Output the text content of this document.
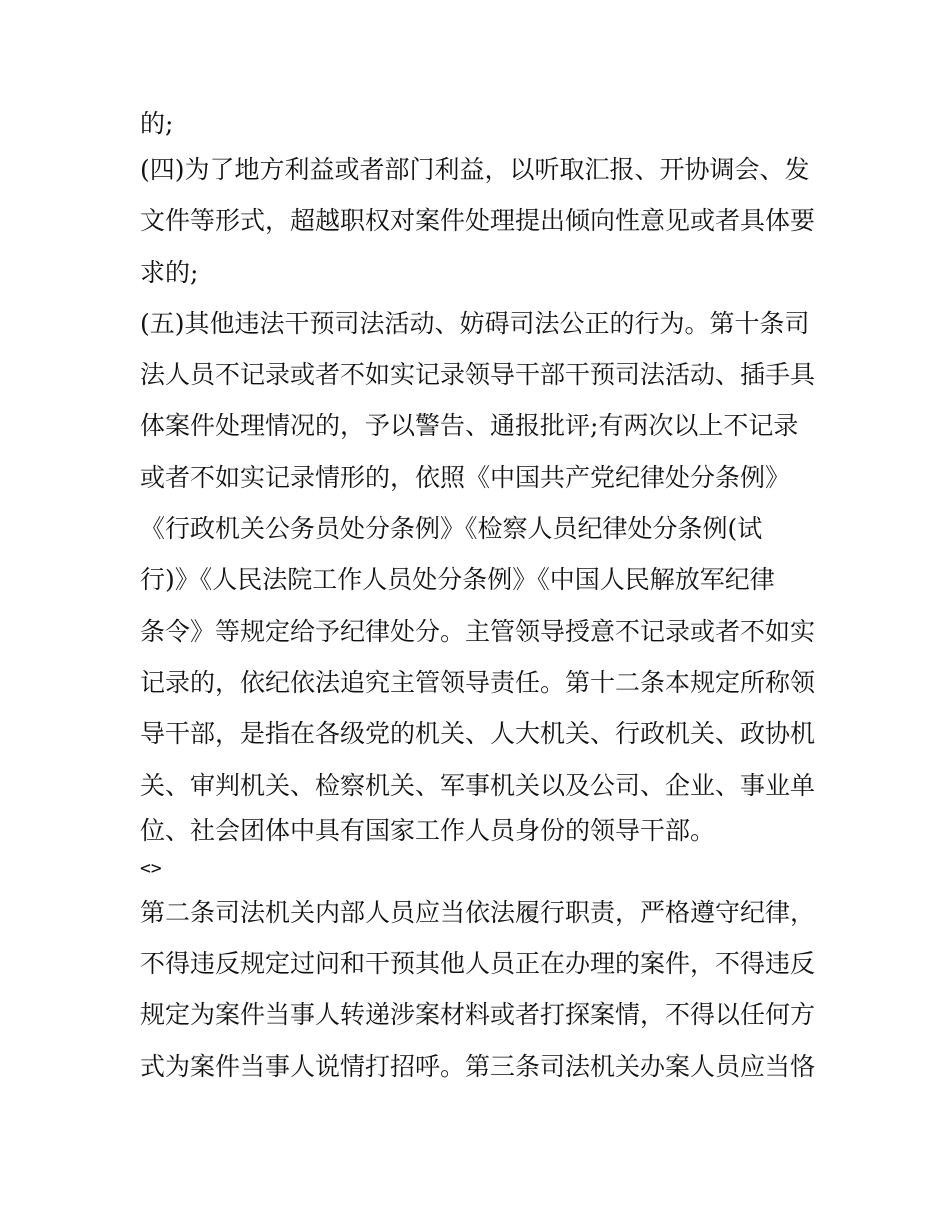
的;
(四)为了地方利益或者部门利益，以听取汇报、开协调会、发
文件等形式，超越职权对案件处理提出倾向性意见或者具体要
求的;
(五)其他违法干预司法活动、妨碍司法公正的行为。第十条司
法人员不记录或者不如实记录领导干部干预司法活动、插手具
体案件处理情况的，予以警告、通报批评;有两次以上不记录
或者不如实记录情形的，依照《中国共产党纪律处分条例》
《行政机关公务员处分条例》《检察人员纪律处分条例(试
行)》《人民法院工作人员处分条例》《中国人民解放军纪律
条令》等规定给予纪律处分。主管领导授意不记录或者不如实
记录的，依纪依法追究主管领导责任。第十二条本规定所称领
导干部，是指在各级党的机关、人大机关、行政机关、政协机
关、审判机关、检察机关、军事机关以及公司、企业、事业单
位、社会团体中具有国家工作人员身份的领导干部。
<>
第二条司法机关内部人员应当依法履行职责，严格遵守纪律，
不得违反规定过问和干预其他人员正在办理的案件，不得违反
规定为案件当事人转递涉案材料或者打探案情，不得以任何方
式为案件当事人说情打招呼。第三条司法机关办案人员应当恪
